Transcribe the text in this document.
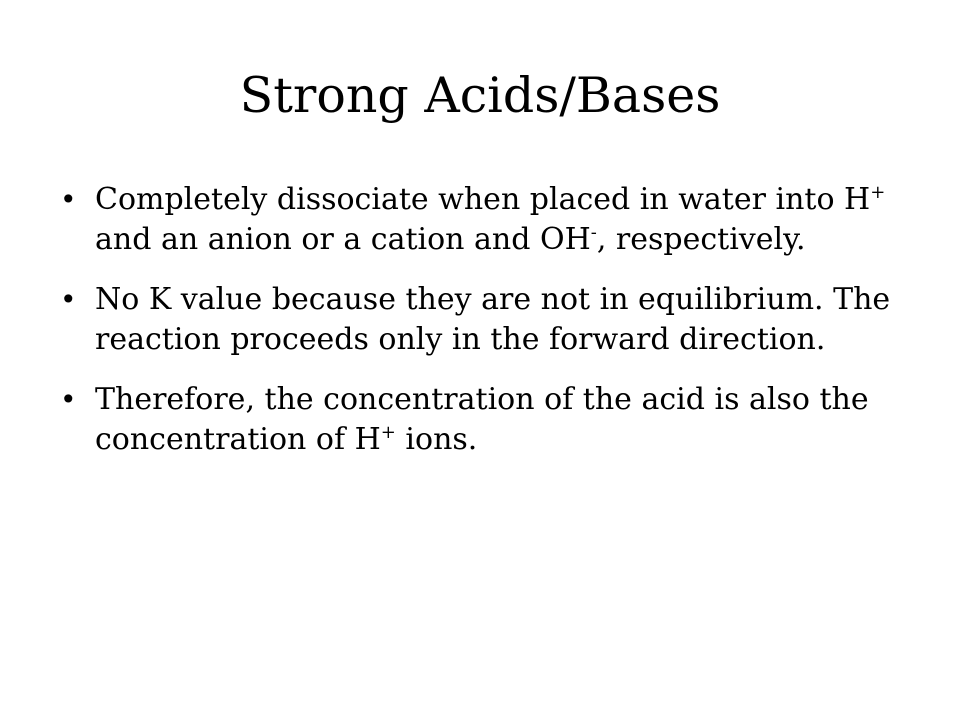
Strong Acids/Bases
• Completely dissociate when placed in water into H+ and an anion or a cation and OH-, respectively.
• No K value because they are not in equilibrium. The reaction proceeds only in the forward direction.
• Therefore, the concentration of the acid is also the concentration of H+ ions.
